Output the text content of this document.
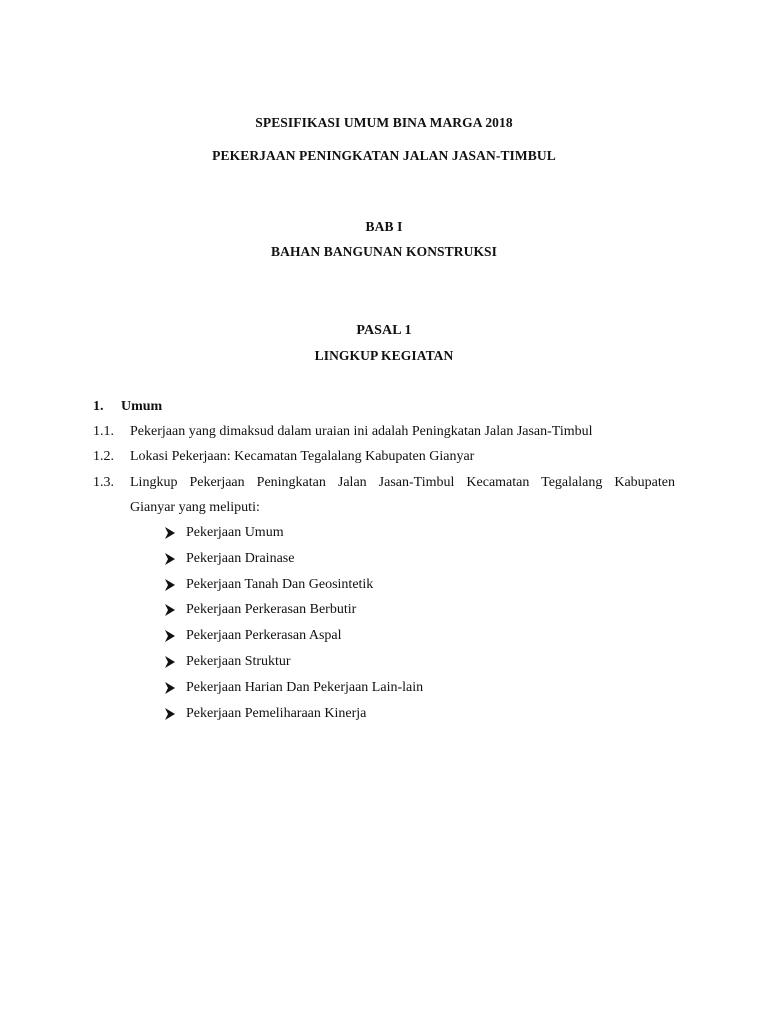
SPESIFIKASI UMUM BINA MARGA 2018
PEKERJAAN PENINGKATAN JALAN JASAN-TIMBUL
BAB I
BAHAN BANGUNAN KONSTRUKSI
PASAL 1
LINGKUP KEGIATAN
1. Umum
1.1. Pekerjaan yang dimaksud dalam uraian ini adalah Peningkatan Jalan Jasan-Timbul
1.2. Lokasi Pekerjaan: Kecamatan Tegalalang Kabupaten Gianyar
1.3. Lingkup Pekerjaan Peningkatan Jalan Jasan-Timbul Kecamatan Tegalalang Kabupaten
Gianyar yang meliputi:
Pekerjaan Umum
Pekerjaan Drainase
Pekerjaan Tanah Dan Geosintetik
Pekerjaan Perkerasan Berbutir
Pekerjaan Perkerasan Aspal
Pekerjaan Struktur
Pekerjaan Harian Dan Pekerjaan Lain-lain
Pekerjaan Pemeliharaan Kinerja
